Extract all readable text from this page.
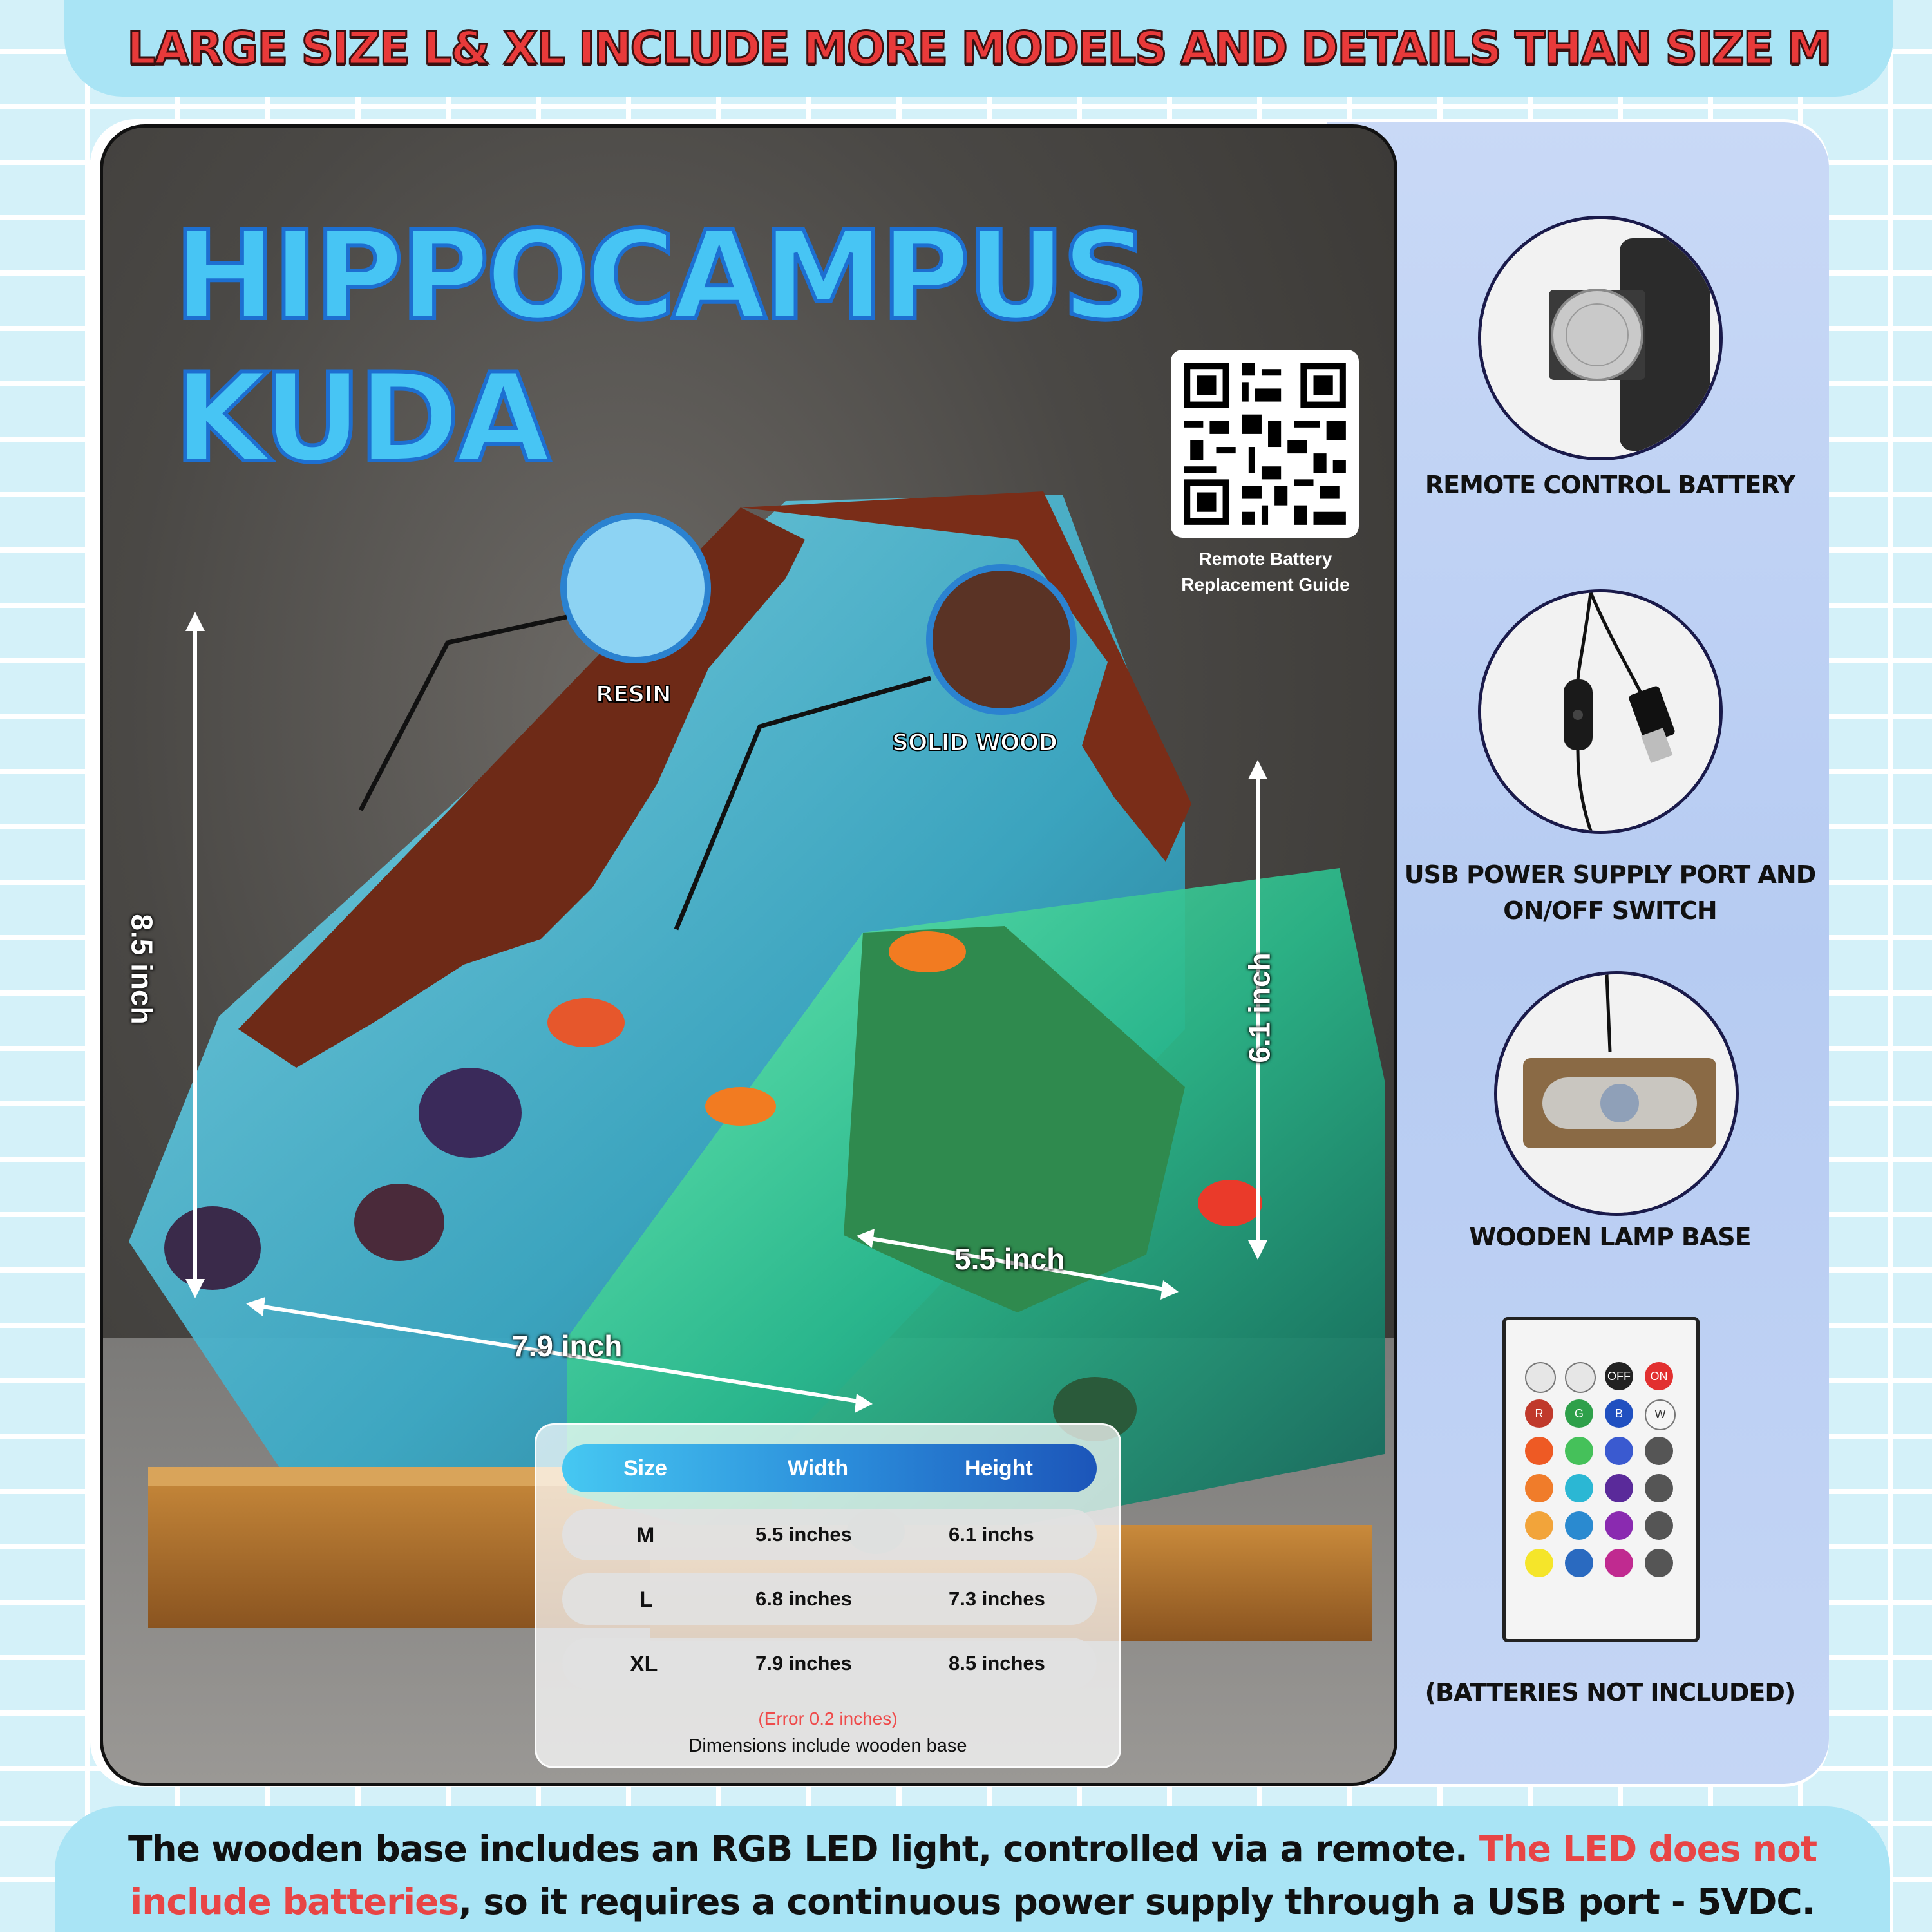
LARGE SIZE L& XL INCLUDE MORE MODELS AND DETAILS THAN SIZE M
HIPPOCAMPUS KUDA
Remote Battery
Replacement Guide
RESIN
SOLID WOOD
8.5 inch	6.1 inch
7.9 inch
5.5 inch
Size	Width	Height
M	5.5 inches	6.1 inchs
L	6.8 inches	7.3 inches
XL	7.9 inches	8.5 inches
(Error 0.2 inches)
Dimensions include wooden base
REMOTE CONTROL BATTERY
USB POWER SUPPLY PORT AND
ON/OFF SWITCH
WOODEN LAMP BASE
OFF	ON
R	G	B	W
(BATTERIES NOT INCLUDED)
The wooden base includes an RGB LED light, controlled via a remote. The LED does not include batteries, so it requires a continuous power supply through a USB port - 5VDC.
